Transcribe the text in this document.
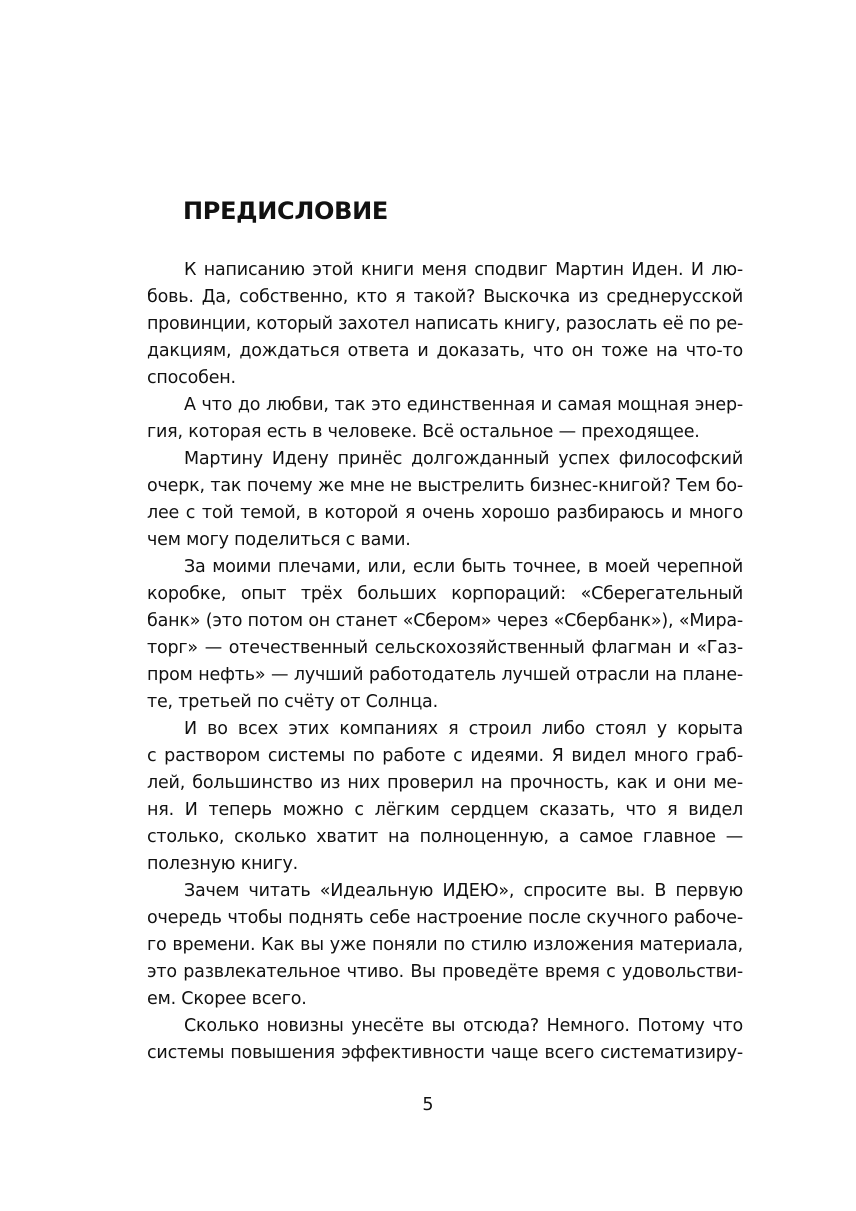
ПРЕДИСЛОВИЕ
К написанию этой книги меня сподвиг Мартин Иден. И лю-
бовь. Да, собственно, кто я такой? Выскочка из среднерусской
провинции, который захотел написать книгу, разослать её по ре-
дакциям, дождаться ответа и доказать, что он тоже на что-то
способен.
А что до любви, так это единственная и самая мощная энер-
гия, которая есть в человеке. Всё остальное — преходящее.
Мартину Идену принёс долгожданный успех философский
очерк, так почему же мне не выстрелить бизнес-книгой? Тем бо-
лее с той темой, в которой я очень хорошо разбираюсь и много
чем могу поделиться с вами.
За моими плечами, или, если быть точнее, в моей черепной
коробке, опыт трёх больших корпораций: «Сберегательный
банк» (это потом он станет «Сбером» через «Сбербанк»), «Мира-
торг» — отечественный сельскохозяйственный флагман и «Газ-
пром нефть» — лучший работодатель лучшей отрасли на плане-
те, третьей по счёту от Солнца.
И во всех этих компаниях я строил либо стоял у корыта
с раствором системы по работе с идеями. Я видел много граб-
лей, большинство из них проверил на прочность, как и они ме-
ня. И теперь можно с лёгким сердцем сказать, что я видел
столько, сколько хватит на полноценную, а самое главное —
полезную книгу.
Зачем читать «Идеальную ИДЕЮ», спросите вы. В первую
очередь чтобы поднять себе настроение после скучного рабоче-
го времени. Как вы уже поняли по стилю изложения материала,
это развлекательное чтиво. Вы проведёте время с удовольстви-
ем. Скорее всего.
Сколько новизны унесёте вы отсюда? Немного. Потому что
системы повышения эффективности чаще всего систематизиру-
5
